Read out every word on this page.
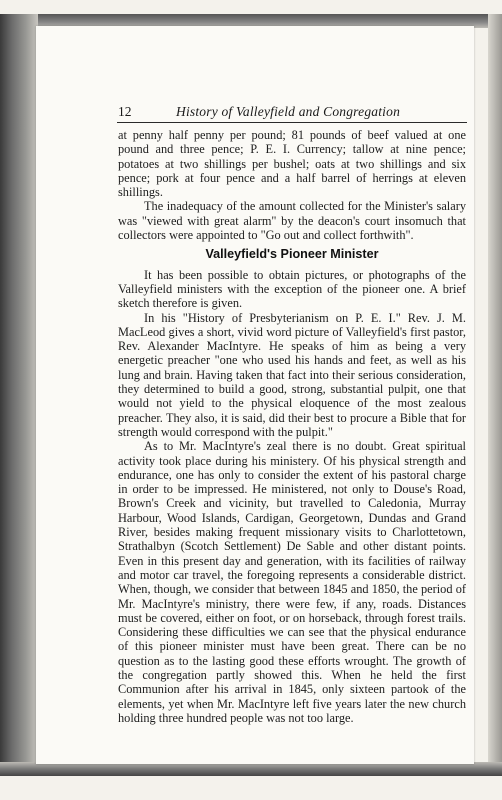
12	History of Valleyfield and Congregation

at penny half penny per pound; 81 pounds of beef valued at one pound and three pence; P. E. I. Currency; tallow at nine pence; potatoes at two shillings per bushel; oats at two shillings and six pence; pork at four pence and a half barrel of herrings at eleven shillings.

The inadequacy of the amount collected for the Minister's salary was "viewed with great alarm" by the deacon's court insomuch that collectors were appointed to "Go out and collect forthwith".

Valleyfield's Pioneer Minister

It has been possible to obtain pictures, or photographs of the Valleyfield ministers with the exception of the pioneer one. A brief sketch therefore is given.

In his "History of Presbyterianism on P. E. I." Rev. J. M. MacLeod gives a short, vivid word picture of Valleyfield's first pastor, Rev. Alexander MacIntyre. He speaks of him as being a very energetic preacher "one who used his hands and feet, as well as his lung and brain. Having taken that fact into their serious consideration, they determined to build a good, strong, substantial pulpit, one that would not yield to the physical eloquence of the most zealous preacher. They also, it is said, did their best to procure a Bible that for strength would correspond with the pulpit."

As to Mr. MacIntyre's zeal there is no doubt. Great spiritual activity took place during his ministery. Of his physical strength and endurance, one has only to consider the extent of his pastoral charge in order to be impressed. He ministered, not only to Douse's Road, Brown's Creek and vicinity, but travelled to Caledonia, Murray Harbour, Wood Islands, Cardigan, Georgetown, Dundas and Grand River, besides making frequent missionary visits to Charlottetown, Strathalbyn (Scotch Settlement) De Sable and other distant points. Even in this present day and generation, with its facilities of railway and motor car travel, the foregoing represents a considerable district. When, though, we consider that between 1845 and 1850, the period of Mr. MacIntyre's ministry, there were few, if any, roads. Distances must be covered, either on foot, or on horseback, through forest trails. Considering these difficulties we can see that the physical endurance of this pioneer minister must have been great. There can be no question as to the lasting good these efforts wrought. The growth of the congregation partly showed this. When he held the first Communion after his arrival in 1845, only sixteen partook of the elements, yet when Mr. MacIntyre left five years later the new church holding three hundred people was not too large.
